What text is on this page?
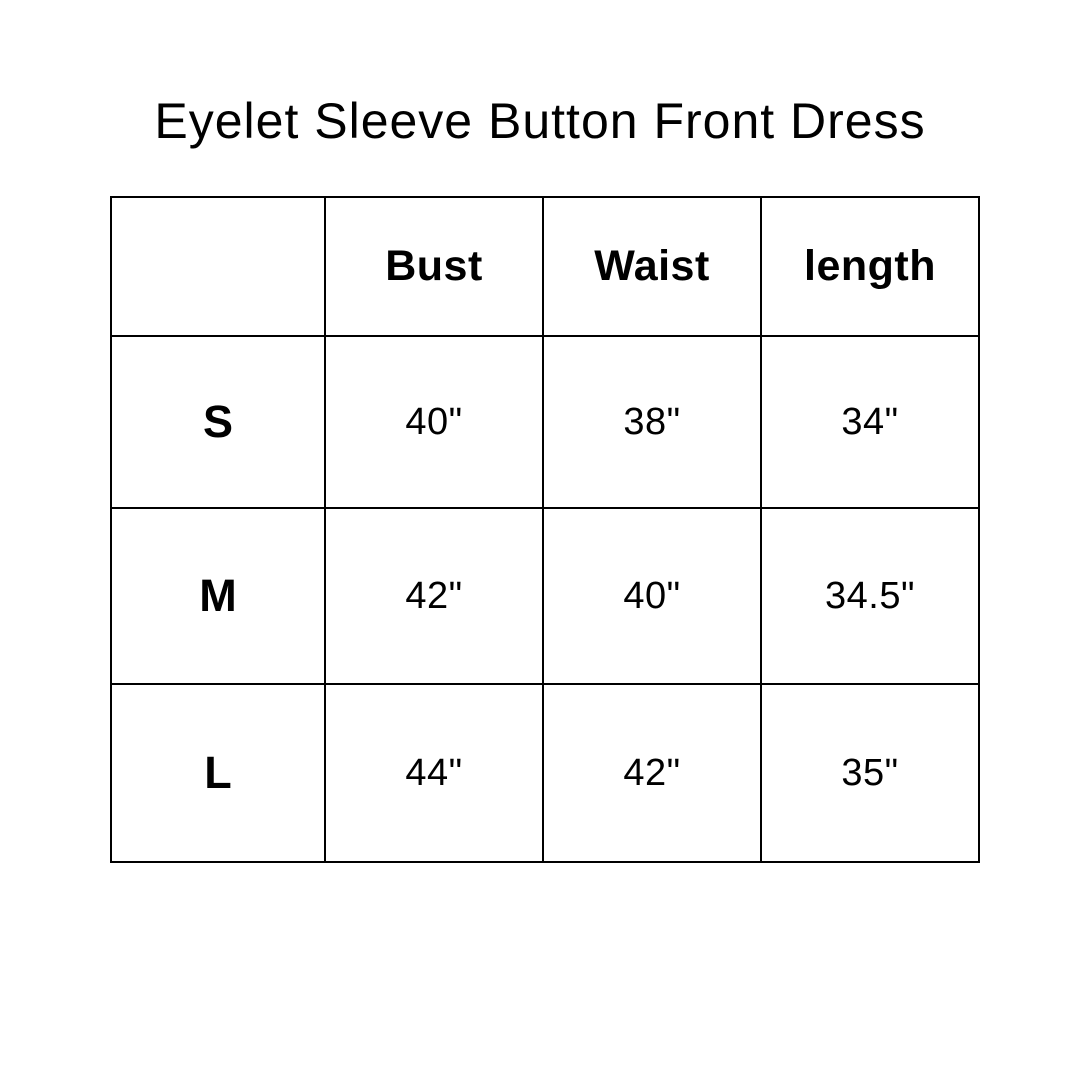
Eyelet Sleeve Button Front Dress
	Bust	Waist	length
S	40"	38"	34"
M	42"	40"	34.5"
L	44"	42"	35"
